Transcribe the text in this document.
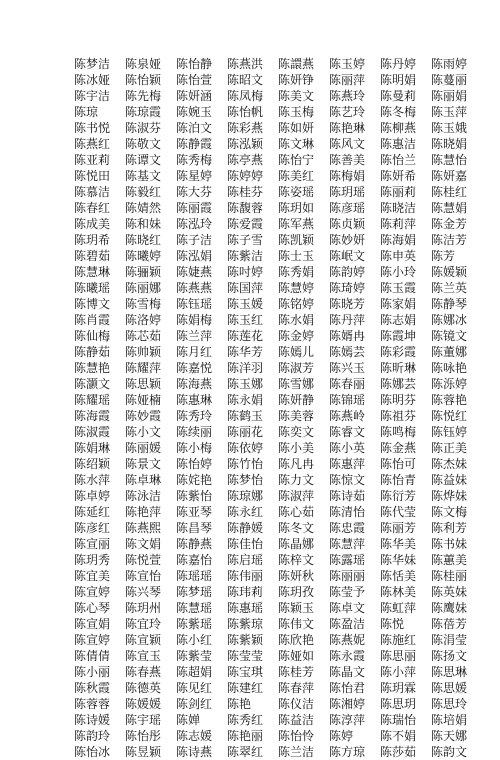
陈梦洁	陈泉娅	陈怡静	陈燕洪	陈譞燕	陈玉婷	陈丹婷	陈雨婷
陈冰娅	陈怡颖	陈怡萱	陈昭文	陈妍铮	陈丽萍	陈明娟	陈蔓丽
陈宇洁	陈先梅	陈妍涵	陈凤梅	陈美文	陈燕玲	陈曼莉	陈丽娟
陈琼	陈琼霞	陈婉玉	陈怡帆	陈玉梅	陈艺玲	陈冬梅	陈玉萍
陈书悦	陈淑芬	陈泊文	陈彩燕	陈如妍	陈艳琳	陈柳燕	陈玉娥
陈燕红	陈敬文	陈静霞	陈泓颖	陈文琳	陈风文	陈惠洁	陈晓娟
陈亚莉	陈谭文	陈秀梅	陈亭燕	陈怡宁	陈善美	陈怡兰	陈慧怡
陈悦田	陈基文	陈星婷	陈婷婷	陈美红	陈梅娟	陈妍希	陈妍嘉
陈慕洁	陈毅红	陈大芬	陈桂芬	陈姿瑶	陈玥瑶	陈丽莉	陈桂红
陈春红	陈婧然	陈丽霞	陈馥蓉	陈玥如	陈彦瑶	陈晓洁	陈慧娟
陈成美	陈和妹	陈泓玲	陈爱霞	陈军燕	陈贞颖	陈莉萍	陈金芳
陈玥希	陈晓红	陈子洁	陈子雪	陈凯颖	陈妙妍	陈海娟	陈洁芳
陈碧茹	陈曦婷	陈泓娟	陈紫洁	陈士玉	陈岷文	陈申英	陈芳
陈慧琳	陈骊颖	陈婕燕	陈吋婷	陈秀娟	陈韵婷	陈小玲	陈媛颖
陈曦瑶	陈丽娜	陈燕燕	陈国萍	陈慧婷	陈琦婷	陈玉霞	陈兰英
陈博文	陈雪梅	陈钰瑶	陈玉媛	陈铭婷	陈晓芳	陈家娟	陈静琴
陈肖霞	陈洛婷	陈娟梅	陈玉红	陈水娟	陈丹萍	陈志娟	陈娜冰
陈仙梅	陈芯茹	陈兰萍	陈莲花	陈金婷	陈婿冉	陈霞坤	陈镜文
陈静茹	陈帅颖	陈月红	陈华芳	陈嫣儿	陈嫣芸	陈彩霞	陈董娜
陈慧艳	陈耀萍	陈嘉悦	陈洋羽	陈淑芳	陈兴玉	陈昕琳	陈咏艳
陈灏文	陈思颖	陈海燕	陈玉娜	陈雪娜	陈春丽	陈娜芸	陈泺婷
陈耀瑶	陈娅楠	陈惠琳	陈永娟	陈妍静	陈锦瑶	陈明芬	陈蓉艳
陈海霞	陈妙霞	陈秀玲	陈鹤玉	陈美蓉	陈燕岭	陈祖芬	陈悦红
陈淑霞	陈小文	陈续丽	陈丽花	陈奕文	陈睿文	陈鸣梅	陈钰婷
陈娟琳	陈丽媛	陈小梅	陈依婷	陈小美	陈小英	陈金燕	陈正美
陈绍颖	陈景文	陈怡婷	陈竹怡	陈凡冉	陈惠萍	陈怡可	陈杰妹
陈水萍	陈卓琳	陈姹艳	陈梦怡	陈力文	陈惊文	陈怡青	陈益妹
陈卓婷	陈泳洁	陈紫怡	陈琼娜	陈淑萍	陈诗茹	陈衍芳	陈烨妹
陈延红	陈艳萍	陈亚琴	陈永红	陈心茹	陈清怡	陈代莹	陈文梅
陈彦红	陈燕熙	陈昌琴	陈静媛	陈冬文	陈忠霞	陈丽芳	陈利芳
陈宣丽	陈文娟	陈静燕	陈佳怡	陈晶娜	陈慧萍	陈华美	陈书妹
陈玥秀	陈悦萱	陈嘉怡	陈启瑶	陈梓文	陈露瑶	陈华妹	陈蕙美
陈宜美	陈宣怡	陈瑶瑶	陈伟丽	陈妍秋	陈丽丽	陈恬美	陈桂丽
陈宣婷	陈兴琴	陈梦瑶	陈玮莉	陈玥孜	陈莹予	陈林美	陈英妹
陈心琴	陈玥州	陈慧瑶	陈惠瑶	陈颖玉	陈卓文	陈虹萍	陈鹰妹
陈宣娟	陈宜玲	陈紫瑶	陈紫琼	陈伟文	陈盈洁	陈悦	陈蓓芳
陈宣婷	陈宣颖	陈小红	陈紫颖	陈欣艳	陈燕妮	陈施红	陈涓莹
陈倩倩	陈宣玉	陈紫莹	陈莹莹	陈娅如	陈永霞	陈思丽	陈扬文
陈小丽	陈春燕	陈超娟	陈宝琪	陈桂芳	陈晶文	陈小萍	陈思琳
陈秋霞	陈德英	陈见红	陈建红	陈春萍	陈怡君	陈玥霖	陈思媛
陈蓉蓉	陈媛媛	陈剑红	陈艳	陈仪洁	陈湘婷	陈思玥	陈思玲
陈诗媛	陈宇瑶	陈婵	陈秀红	陈益洁	陈淳萍	陈瑞怡	陈培娟
陈韵玲	陈怡彤	陈志媛	陈艳丽	陈怡怜	陈婷	陈不娟	陈天娜
陈怡冰	陈昱颖	陈诗燕	陈翠红	陈兰洁	陈方琼	陈莎茹	陈韵文
